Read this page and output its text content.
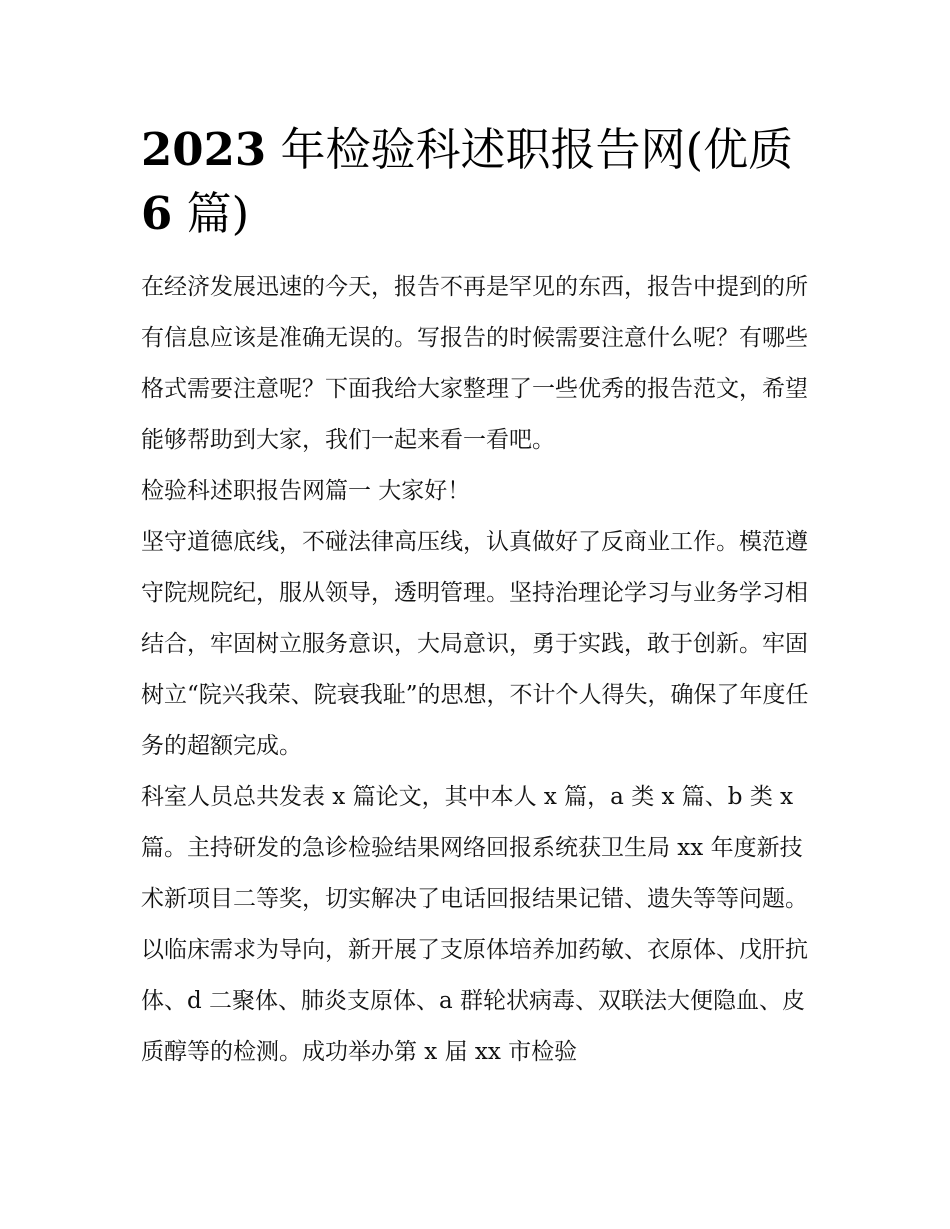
2023 年检验科述职报告网(优质 6 篇)

在经济发展迅速的今天，报告不再是罕见的东西，报告中提到的所有信息应该是准确无误的。写报告的时候需要注意什么呢？有哪些格式需要注意呢？下面我给大家整理了一些优秀的报告范文，希望能够帮助到大家，我们一起来看一看吧。

检验科述职报告网篇一 大家好！

坚守道德底线，不碰法律高压线，认真做好了反商业工作。模范遵守院规院纪，服从领导，透明管理。坚持治理论学习与业务学习相结合，牢固树立服务意识，大局意识，勇于实践，敢于创新。牢固树立“院兴我荣、院衰我耻”的思想，不计个人得失，确保了年度任务的超额完成。

科室人员总共发表 x 篇论文，其中本人 x 篇，a 类 x 篇、b 类 x 篇。主持研发的急诊检验结果网络回报系统获卫生局 xx 年度新技术新项目二等奖，切实解决了电话回报结果记错、遗失等等问题。以临床需求为导向，新开展了支原体培养加药敏、衣原体、戊肝抗体、d 二聚体、肺炎支原体、a 群轮状病毒、双联法大便隐血、皮质醇等的检测。成功举办第 x 届 xx 市检验
